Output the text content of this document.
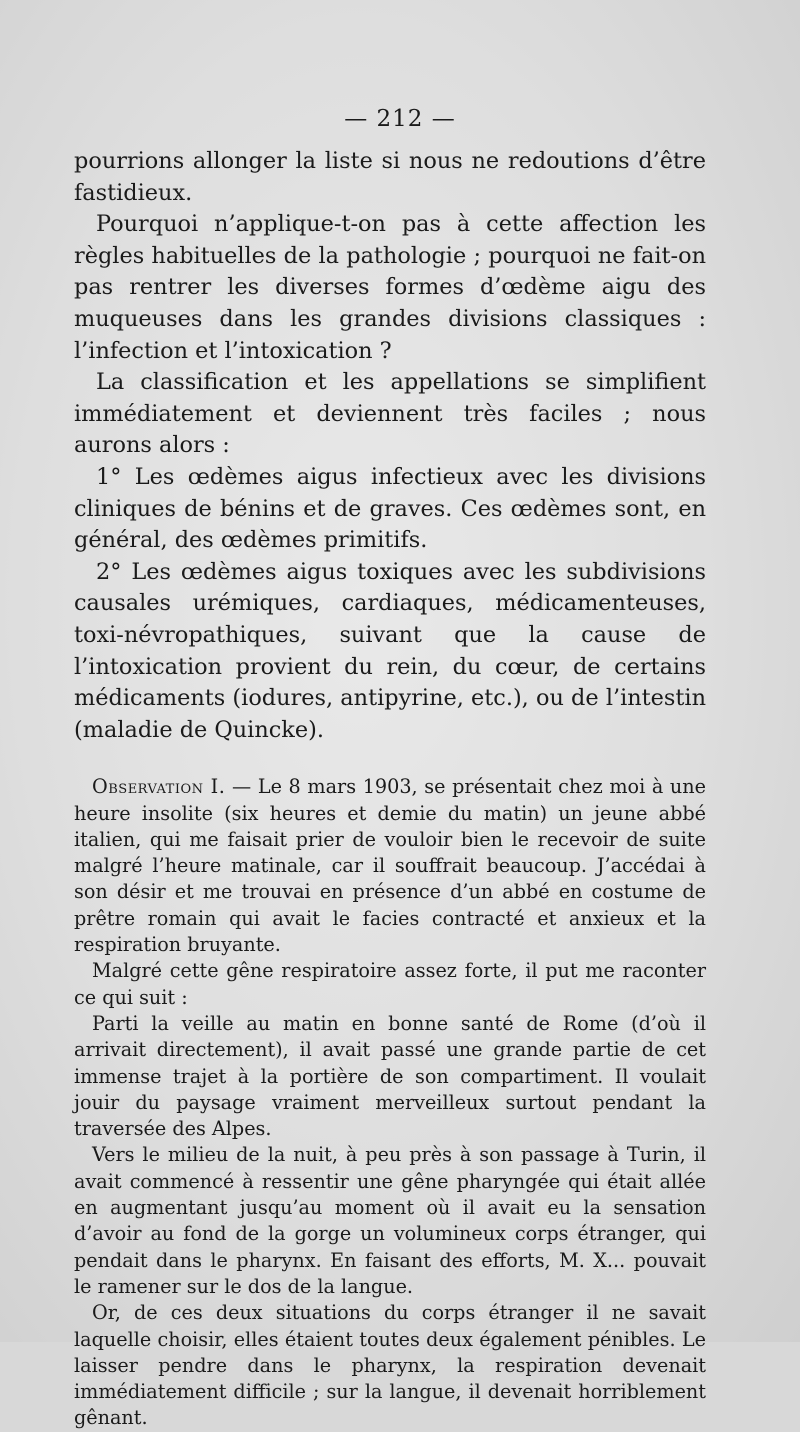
— 212 —

pourrions allonger la liste si nous ne redoutions d’être fastidieux.

Pourquoi n’applique-t-on pas à cette affection les règles habituelles de la pathologie ; pourquoi ne fait-on pas rentrer les diverses formes d’œdème aigu des muqueuses dans les grandes divisions classiques : l’infection et l’intoxication ?

La classification et les appellations se simplifient immédiatement et deviennent très faciles ; nous aurons alors :

1° Les œdèmes aigus infectieux avec les divisions cliniques de bénins et de graves. Ces œdèmes sont, en général, des œdèmes primitifs.

2° Les œdèmes aigus toxiques avec les subdivisions causales urémiques, cardiaques, médicamenteuses, toxi-névropathiques, suivant que la cause de l’intoxication provient du rein, du cœur, de certains médicaments (iodures, antipyrine, etc.), ou de l’intestin (maladie de Quincke).

Observation I. — Le 8 mars 1903, se présentait chez moi à une heure insolite (six heures et demie du matin) un jeune abbé italien, qui me faisait prier de vouloir bien le recevoir de suite malgré l’heure matinale, car il souffrait beaucoup. J’accédai à son désir et me trouvai en présence d’un abbé en costume de prêtre romain qui avait le facies contracté et anxieux et la respiration bruyante.

Malgré cette gêne respiratoire assez forte, il put me raconter ce qui suit :

Parti la veille au matin en bonne santé de Rome (d’où il arrivait directement), il avait passé une grande partie de cet immense trajet à la portière de son compartiment. Il voulait jouir du paysage vraiment merveilleux surtout pendant la traversée des Alpes.

Vers le milieu de la nuit, à peu près à son passage à Turin, il avait commencé à ressentir une gêne pharyngée qui était allée en augmentant jusqu’au moment où il avait eu la sensation d’avoir au fond de la gorge un volumineux corps étranger, qui pendait dans le pharynx. En faisant des efforts, M. X... pouvait le ramener sur le dos de la langue.

Or, de ces deux situations du corps étranger il ne savait laquelle choisir, elles étaient toutes deux également pénibles. Le laisser pendre dans le pharynx, la respiration devenait immédiatement difficile ; sur la langue, il devenait horriblement gênant.
